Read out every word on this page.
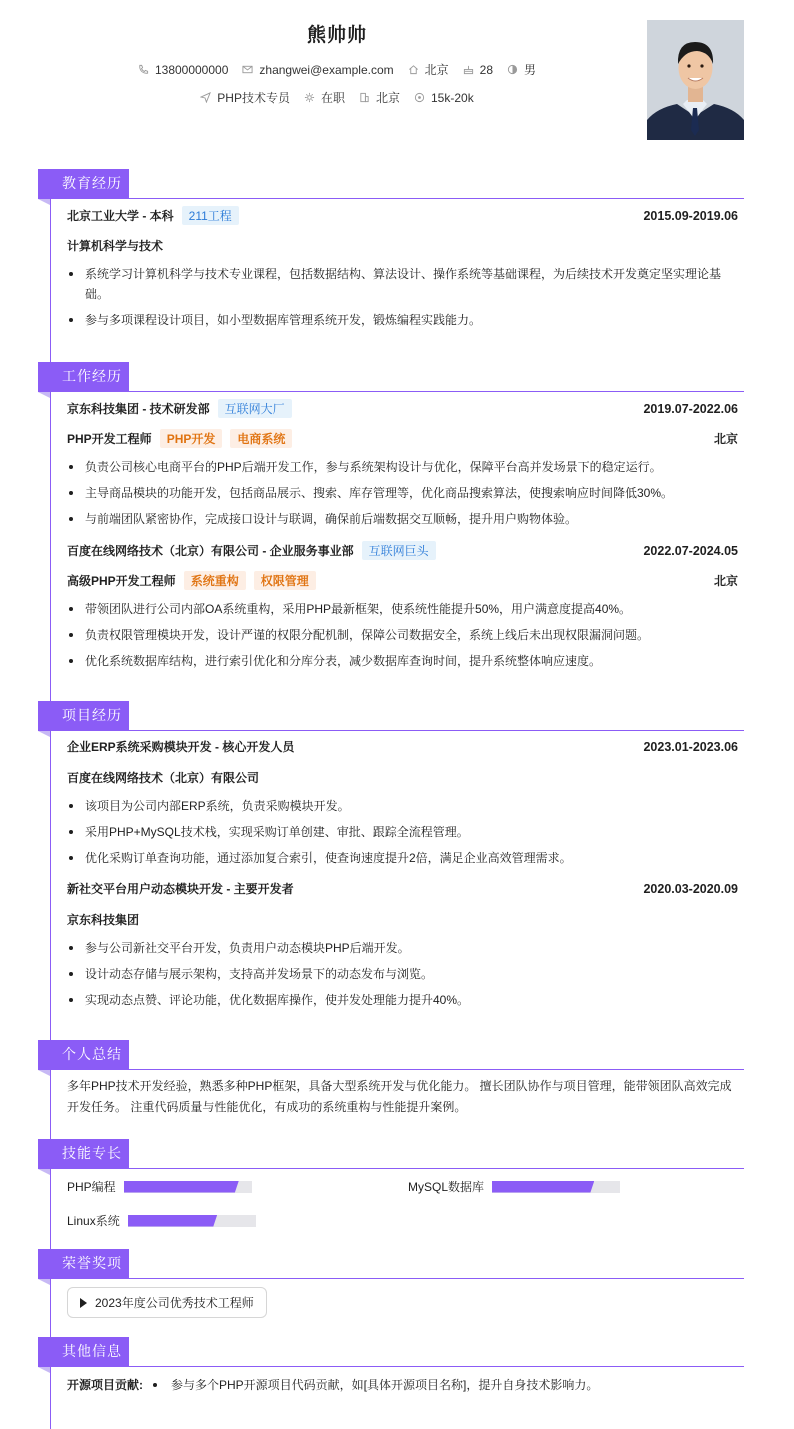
熊帅帅
13800000000	zhangwei@example.com	北京	28	男
PHP技术专员	在职	北京	15k-20k
教育经历
北京工业大学 - 本科	211工程	2015.09-2019.06
计算机科学与技术
系统学习计算机科学与技术专业课程，包括数据结构、算法设计、操作系统等基础课程，为后续技术开发奠定坚实理论基础。
参与多项课程设计项目，如小型数据库管理系统开发，锻炼编程实践能力。
工作经历
京东科技集团 - 技术研发部	互联网大厂	2019.07-2022.06
PHP开发工程师	PHP开发	电商系统	北京
负责公司核心电商平台的PHP后端开发工作，参与系统架构设计与优化，保障平台高并发场景下的稳定运行。
主导商品模块的功能开发，包括商品展示、搜索、库存管理等，优化商品搜索算法，使搜索响应时间降低30%。
与前端团队紧密协作，完成接口设计与联调，确保前后端数据交互顺畅，提升用户购物体验。
百度在线网络技术（北京）有限公司 - 企业服务事业部	互联网巨头	2022.07-2024.05
高级PHP开发工程师	系统重构	权限管理	北京
带领团队进行公司内部OA系统重构，采用PHP最新框架，使系统性能提升50%，用户满意度提高40%。
负责权限管理模块开发，设计严谨的权限分配机制，保障公司数据安全，系统上线后未出现权限漏洞问题。
优化系统数据库结构，进行索引优化和分库分表，减少数据库查询时间，提升系统整体响应速度。
项目经历
企业ERP系统采购模块开发 - 核心开发人员	2023.01-2023.06
百度在线网络技术（北京）有限公司
该项目为公司内部ERP系统，负责采购模块开发。
采用PHP+MySQL技术栈，实现采购订单创建、审批、跟踪全流程管理。
优化采购订单查询功能，通过添加复合索引，使查询速度提升2倍，满足企业高效管理需求。
新社交平台用户动态模块开发 - 主要开发者	2020.03-2020.09
京东科技集团
参与公司新社交平台开发，负责用户动态模块PHP后端开发。
设计动态存储与展示架构，支持高并发场景下的动态发布与浏览。
实现动态点赞、评论功能，优化数据库操作，使并发处理能力提升40%。
个人总结
多年PHP技术开发经验，熟悉多种PHP框架，具备大型系统开发与优化能力。 擅长团队协作与项目管理，能带领团队高效完成开发任务。 注重代码质量与性能优化，有成功的系统重构与性能提升案例。
技能专长
PHP编程	MySQL数据库
Linux系统
荣誉奖项
2023年度公司优秀技术工程师
其他信息
开源项目贡献: 参与多个PHP开源项目代码贡献，如[具体开源项目名称]，提升自身技术影响力。
